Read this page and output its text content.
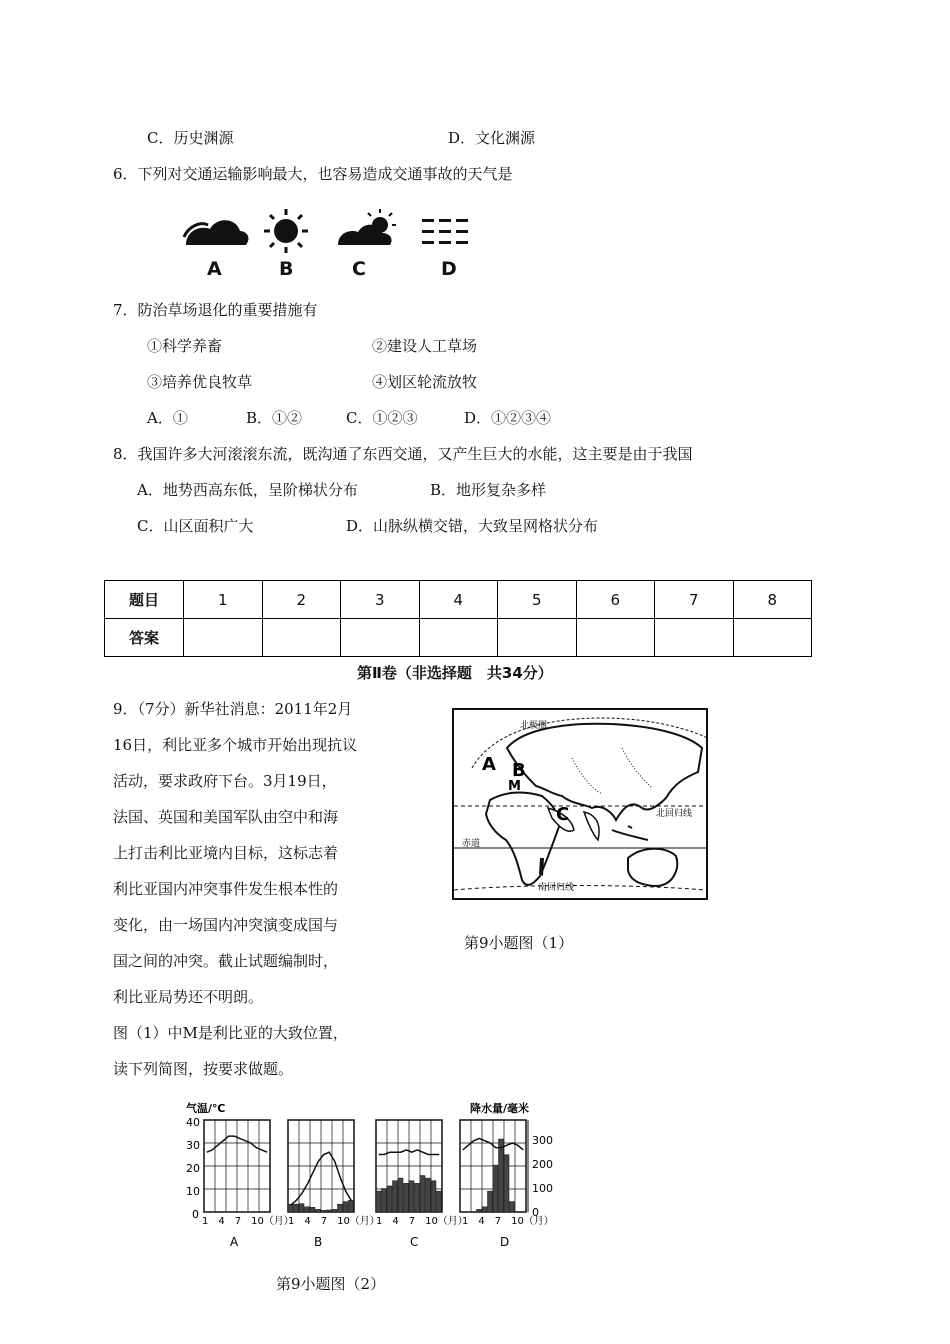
C．历史渊源	D．文化渊源
6．下列对交通运输影响最大，也容易造成交通事故的天气是
A	B	C	D
7．防治草场退化的重要措施有
①科学养畜	②建设人工草场
③培养优良牧草	④划区轮流放牧
A．①	B．①②	C．①②③	D．①②③④
8．我国许多大河滚滚东流，既沟通了东西交通，又产生巨大的水能，这主要是由于我国
A．地势西高东低，呈阶梯状分布	B．地形复杂多样
C．山区面积广大	D．山脉纵横交错，大致呈网格状分布
题目	1	2	3	4	5	6	7	8
答案								
第Ⅱ卷（非选择题　共34分）
9．（7分）新华社消息：2011年2月
16日，利比亚多个城市开始出现抗议
活动，要求政府下台。3月19日，
法国、英国和美国军队由空中和海
上打击利比亚境内目标，这标志着
利比亚国内冲突事件发生根本性的
变化，由一场国内冲突演变成国与
国之间的冲突。截止试题编制时，
利比亚局势还不明朗。
图（1）中M是利比亚的大致位置，
读下列简图，按要求做题。
北极圈
北回归线
赤道
南回归线
A B
M
C
第9小题图（1）
气温/℃	降水量/毫米
40
30
20
10
0
300
200
100
0
1　4　7　10（月）
1　4　7　10（月）
1　4　7　10（月）
1　4　7　10（月）
A	B	C	D
第9小题图（2）
